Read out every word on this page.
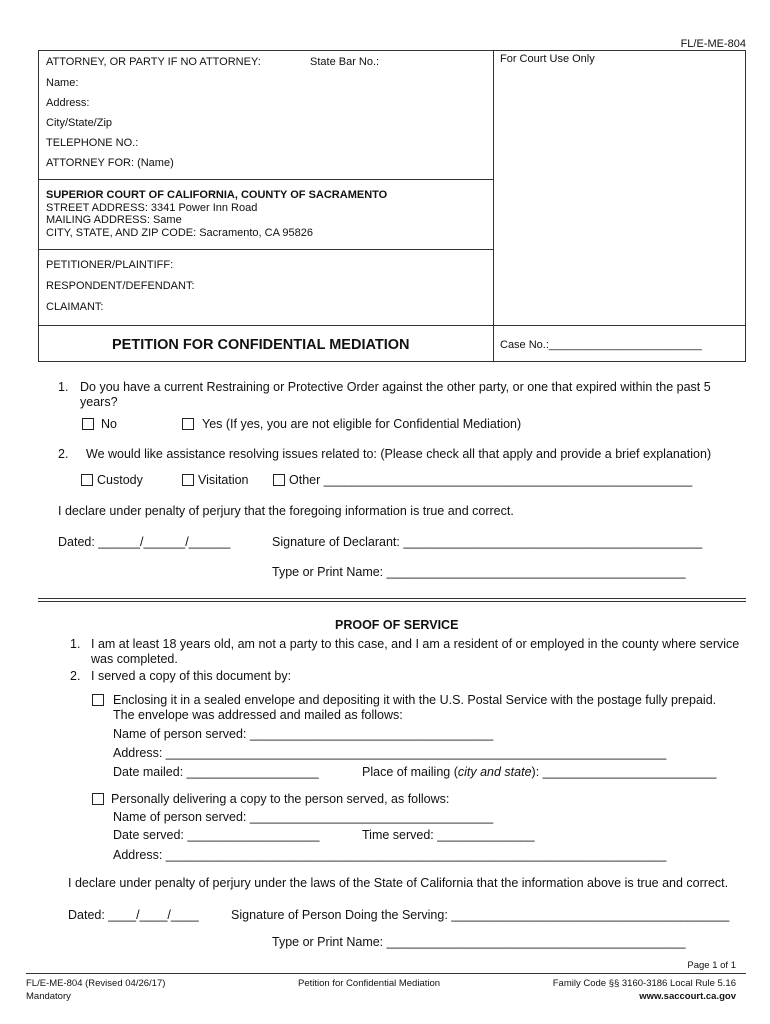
FL/E-ME-804
ATTORNEY, OR PARTY IF NO ATTORNEY:	State Bar No.:	For Court Use Only
Name:
Address:
City/State/Zip
TELEPHONE NO.:
ATTORNEY FOR: (Name)
SUPERIOR COURT OF CALIFORNIA, COUNTY OF SACRAMENTO
STREET ADDRESS: 3341 Power Inn Road
MAILING ADDRESS: Same
CITY, STATE, AND ZIP CODE: Sacramento, CA 95826
PETITIONER/PLAINTIFF:
RESPONDENT/DEFENDANT:
CLAIMANT:
PETITION FOR CONFIDENTIAL MEDIATION	Case No.:_________________________
1. Do you have a current Restraining or Protective Order against the other party, or one that expired within the past 5
years?
No	Yes (If yes, you are not eligible for Confidential Mediation)
2. We would like assistance resolving issues related to: (Please check all that apply and provide a brief explanation)
Custody	Visitation	Other _____________________________________________________
I declare under penalty of perjury that the foregoing information is true and correct.
Dated: ______/______/______	Signature of Declarant: ___________________________________________
Type or Print Name: ___________________________________________
PROOF OF SERVICE
1. I am at least 18 years old, am not a party to this case, and I am a resident of or employed in the county where service
was completed.
2. I served a copy of this document by:
Enclosing it in a sealed envelope and depositing it with the U.S. Postal Service with the postage fully prepaid.
The envelope was addressed and mailed as follows:
Name of person served: ___________________________________
Address: ________________________________________________________________________
Date mailed: ___________________	Place of mailing (city and state): _________________________
Personally delivering a copy to the person served, as follows:
Name of person served: ___________________________________
Date served: ___________________	Time served: ______________
Address: ________________________________________________________________________
I declare under penalty of perjury under the laws of the State of California that the information above is true and correct.
Dated: ____/____/____	Signature of Person Doing the Serving: ________________________________________
Type or Print Name: ___________________________________________
Page 1 of 1
FL/E-ME-804 (Revised 04/26/17)
Mandatory
Petition for Confidential Mediation	Family Code §§ 3160-3186 Local Rule 5.16
www.saccourt.ca.gov
